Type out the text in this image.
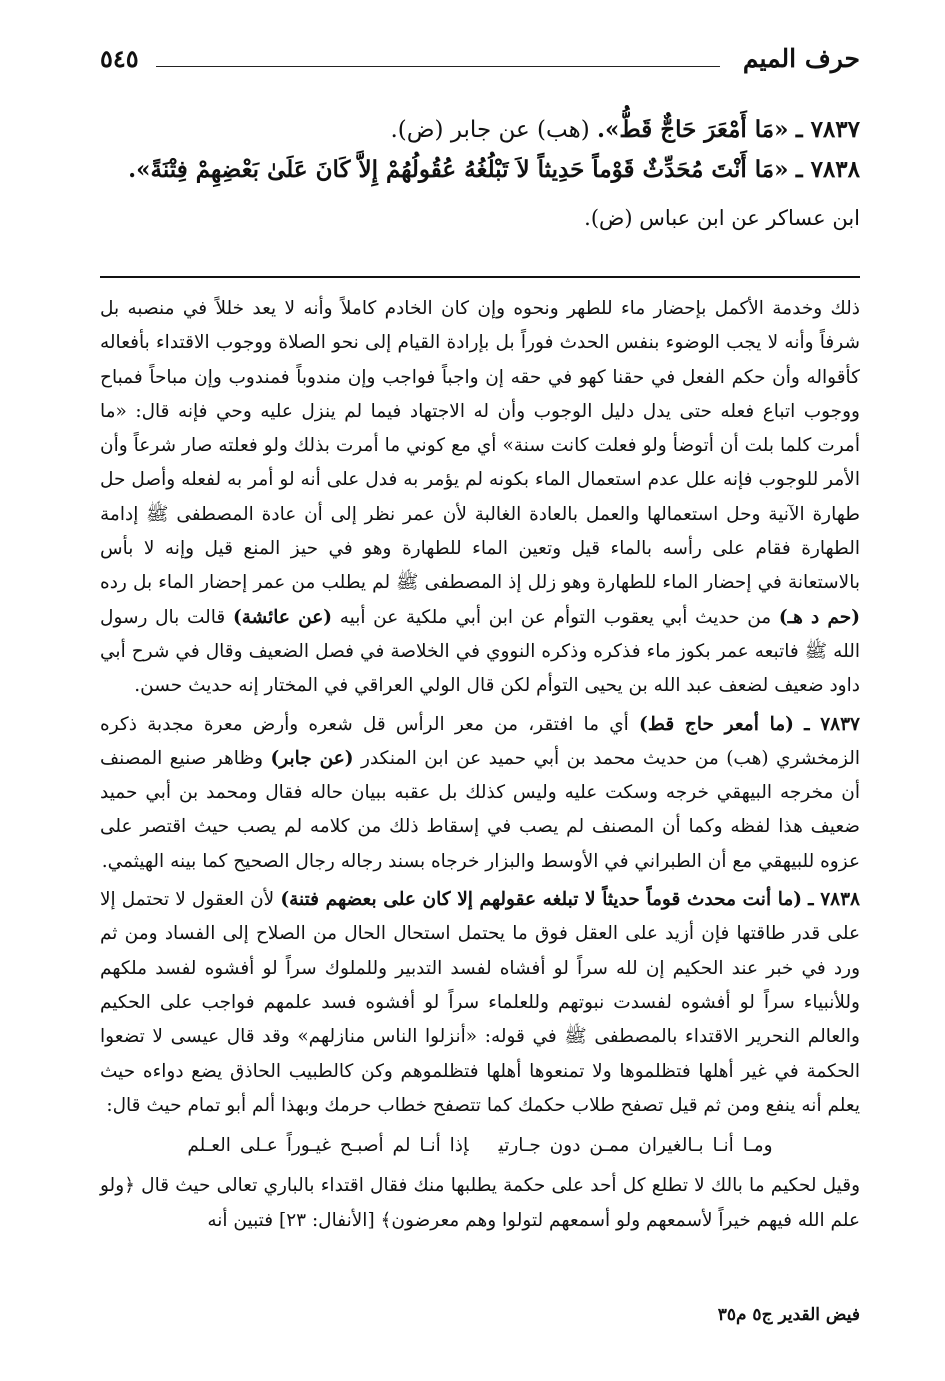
حرف الميم
٥٤٥

٧٨٣٧ ـ «مَا أَمْعَرَ حَاجٌّ قَطُّ». (هب) عن جابر (ض).

٧٨٣٨ ـ «مَا أَنْتَ مُحَدِّثٌ قَوْماً حَدِيثاً لاَ تَبْلُغُهُ عُقُولُهُمْ إِلاَّ كَانَ عَلَىٰ بَعْضِهِمْ فِتْنَةً».

ابن عساكر عن ابن عباس (ض).

ذلك وخدمة الأكمل بإحضار ماء للطهر ونحوه وإن كان الخادم كاملاً وأنه لا يعد خللاً في منصبه بل شرفاً وأنه لا يجب الوضوء بنفس الحدث فوراً بل بإرادة القيام إلى نحو الصلاة ووجوب الاقتداء بأفعاله كأقواله وأن حكم الفعل في حقنا كهو في حقه إن واجباً فواجب وإن مندوباً فمندوب وإن مباحاً فمباح ووجوب اتباع فعله حتى يدل دليل الوجوب وأن له الاجتهاد فيما لم ينزل عليه وحي فإنه قال: «ما أمرت كلما بلت أن أتوضأ ولو فعلت كانت سنة» أي مع كوني ما أمرت بذلك ولو فعلته صار شرعاً وأن الأمر للوجوب فإنه علل عدم استعمال الماء بكونه لم يؤمر به فدل على أنه لو أمر به لفعله وأصل حل طهارة الآنية وحل استعمالها والعمل بالعادة الغالبة لأن عمر نظر إلى أن عادة المصطفى ﷺ إدامة الطهارة فقام على رأسه بالماء قيل وتعين الماء للطهارة وهو في حيز المنع قيل وإنه لا بأس بالاستعانة في إحضار الماء للطهارة وهو زلل إذ المصطفى ﷺ لم يطلب من عمر إحضار الماء بل رده (حم د هـ) من حديث أبي يعقوب التوأم عن ابن أبي ملكية عن أبيه (عن عائشة) قالت بال رسول الله ﷺ فاتبعه عمر بكوز ماء فذكره وذكره النووي في الخلاصة في فصل الضعيف وقال في شرح أبي داود ضعيف لضعف عبد الله بن يحيى التوأم لكن قال الولي العراقي في المختار إنه حديث حسن.

٧٨٣٧ ـ (ما أمعر حاج قط) أي ما افتقر، من معر الرأس قل شعره وأرض معرة مجدبة ذكره الزمخشري (هب) من حديث محمد بن أبي حميد عن ابن المنكدر (عن جابر) وظاهر صنيع المصنف أن مخرجه البيهقي خرجه وسكت عليه وليس كذلك بل عقبه ببيان حاله فقال ومحمد بن أبي حميد ضعيف هذا لفظه وكما أن المصنف لم يصب في إسقاط ذلك من كلامه لم يصب حيث اقتصر على عزوه للبيهقي مع أن الطبراني في الأوسط والبزار خرجاه بسند رجاله رجال الصحيح كما بينه الهيثمي.

٧٨٣٨ ـ (ما أنت محدث قوماً حديثاً لا تبلغه عقولهم إلا كان على بعضهم فتنة) لأن العقول لا تحتمل إلا على قدر طاقتها فإن أزيد على العقل فوق ما يحتمل استحال الحال من الصلاح إلى الفساد ومن ثم ورد في خبر عند الحكيم إن لله سراً لو أفشاه لفسد التدبير وللملوك سراً لو أفشوه لفسد ملكهم وللأنبياء سراً لو أفشوه لفسدت نبوتهم وللعلماء سراً لو أفشوه فسد علمهم فواجب على الحكيم والعالم النحرير الاقتداء بالمصطفى ﷺ في قوله: «أنزلوا الناس منازلهم» وقد قال عيسى لا تضعوا الحكمة في غير أهلها فتظلموها ولا تمنعوها أهلها فتظلموهم وكن كالطبيب الحاذق يضع دواءه حيث يعلم أنه ينفع ومن ثم قيل تصفح طلاب حكمك كما تتصفح خطاب حرمك وبهذا ألم أبو تمام حيث قال:

ومـا أنـا بـالغيران ممـن دون جـارتيإذا أنـا لم أصبـح غيـوراً عـلى العـلم

وقيل لحكيم ما بالك لا تطلع كل أحد على حكمة يطلبها منك فقال اقتداء بالباري تعالى حيث قال ﴿ولو علم الله فيهم خيراً لأسمعهم ولو أسمعهم لتولوا وهم معرضون﴾ [الأنفال: ٢٣] فتبين أنه

فيض القدير ج٥ م٣٥
